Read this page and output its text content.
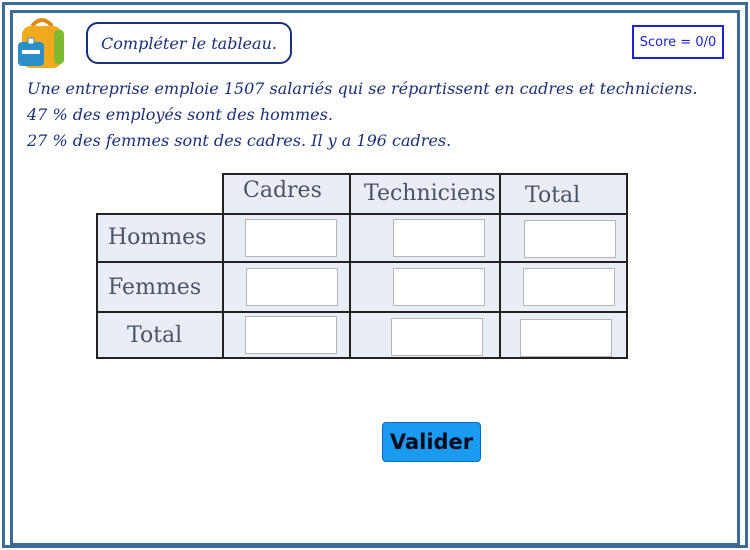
Compléter le tableau.	Score = 0/0
Une entreprise emploie 1507 salariés qui se répartissent en cadres et techniciens.
47 % des employés sont des hommes.
27 % des femmes sont des cadres. Il y a 196 cadres.
Cadres Techniciens Total
Hommes
Femmes
Total
Valider
